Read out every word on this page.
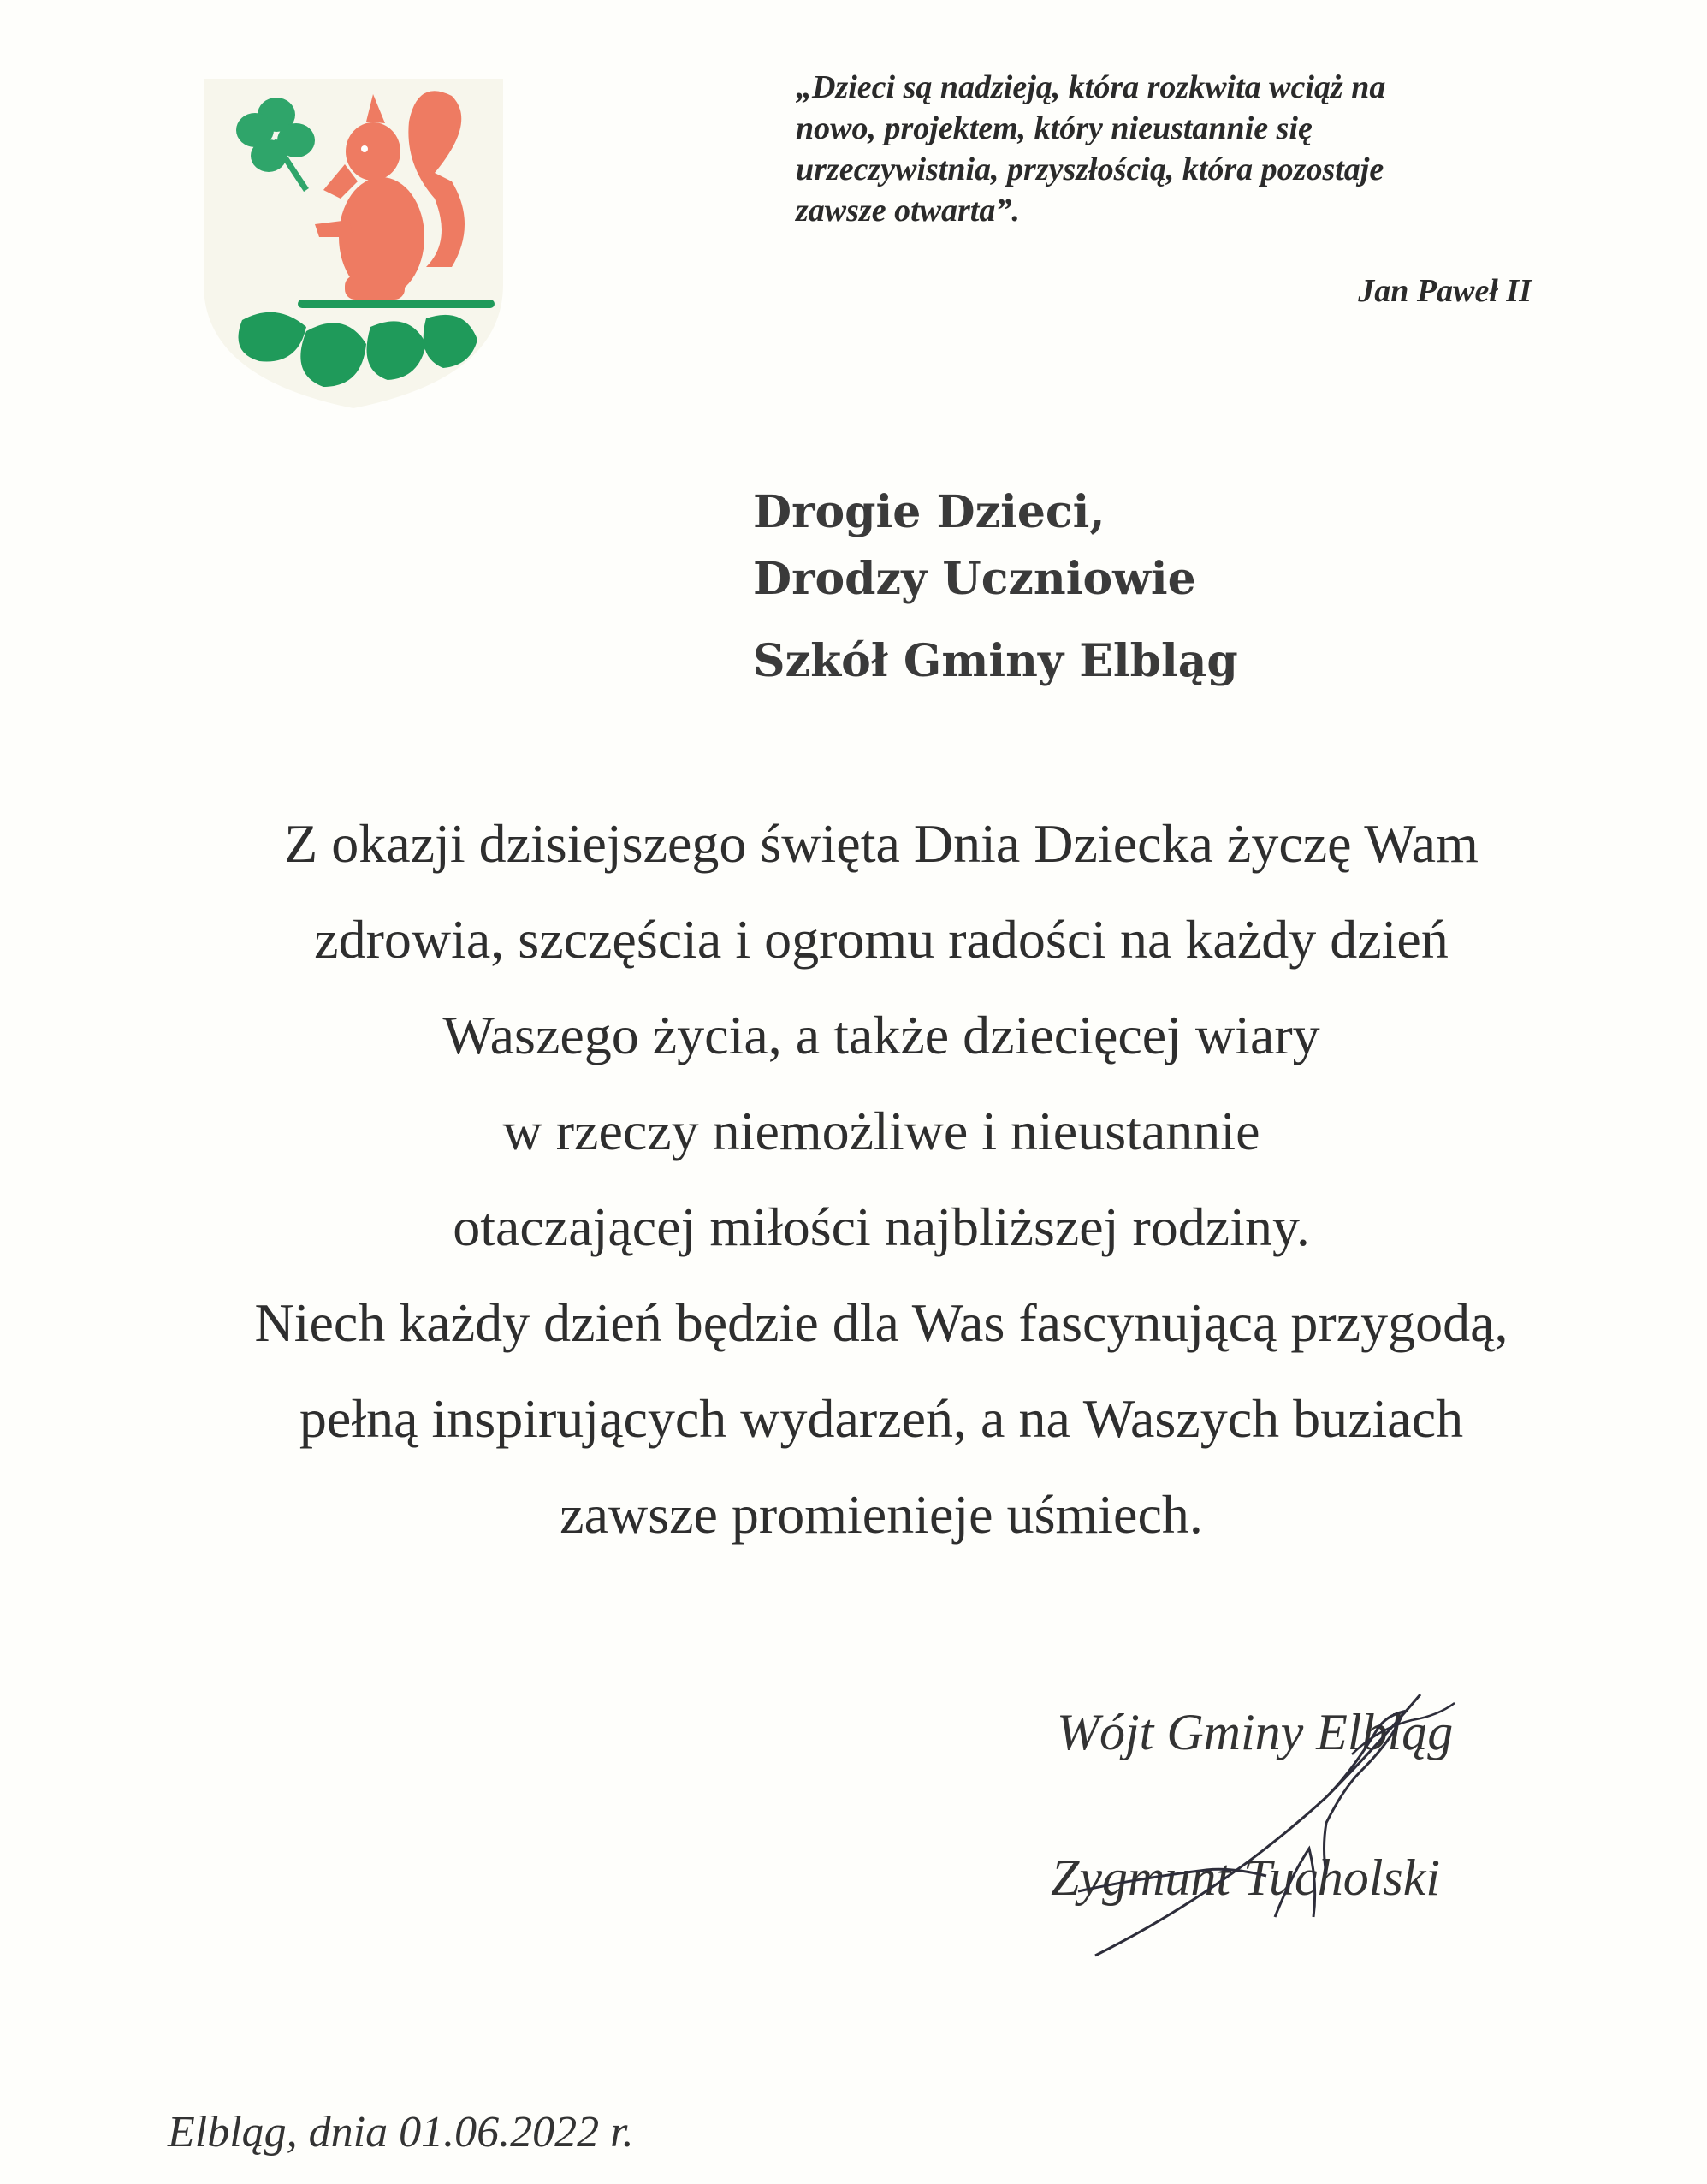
„Dzieci są nadzieją, która rozkwita wciąż na
nowo, projektem, który nieustannie się
urzeczywistnia, przyszłością, która pozostaje
zawsze otwarta”.
Jan Paweł II
Drogie Dzieci,
Drodzy Uczniowie
Szkół Gminy Elbląg
Z okazji dzisiejszego święta Dnia Dziecka życzę Wam
zdrowia, szczęścia i ogromu radości na każdy dzień
Waszego życia, a także dziecięcej wiary
w rzeczy niemożliwe i nieustannie
otaczającej miłości najbliższej rodziny.
Niech każdy dzień będzie dla Was fascynującą przygodą,
pełną inspirujących wydarzeń, a na Waszych buziach
zawsze promienieje uśmiech.
Wójt Gminy Elbląg
Zygmunt Tucholski
Elbląg, dnia 01.06.2022 r.
